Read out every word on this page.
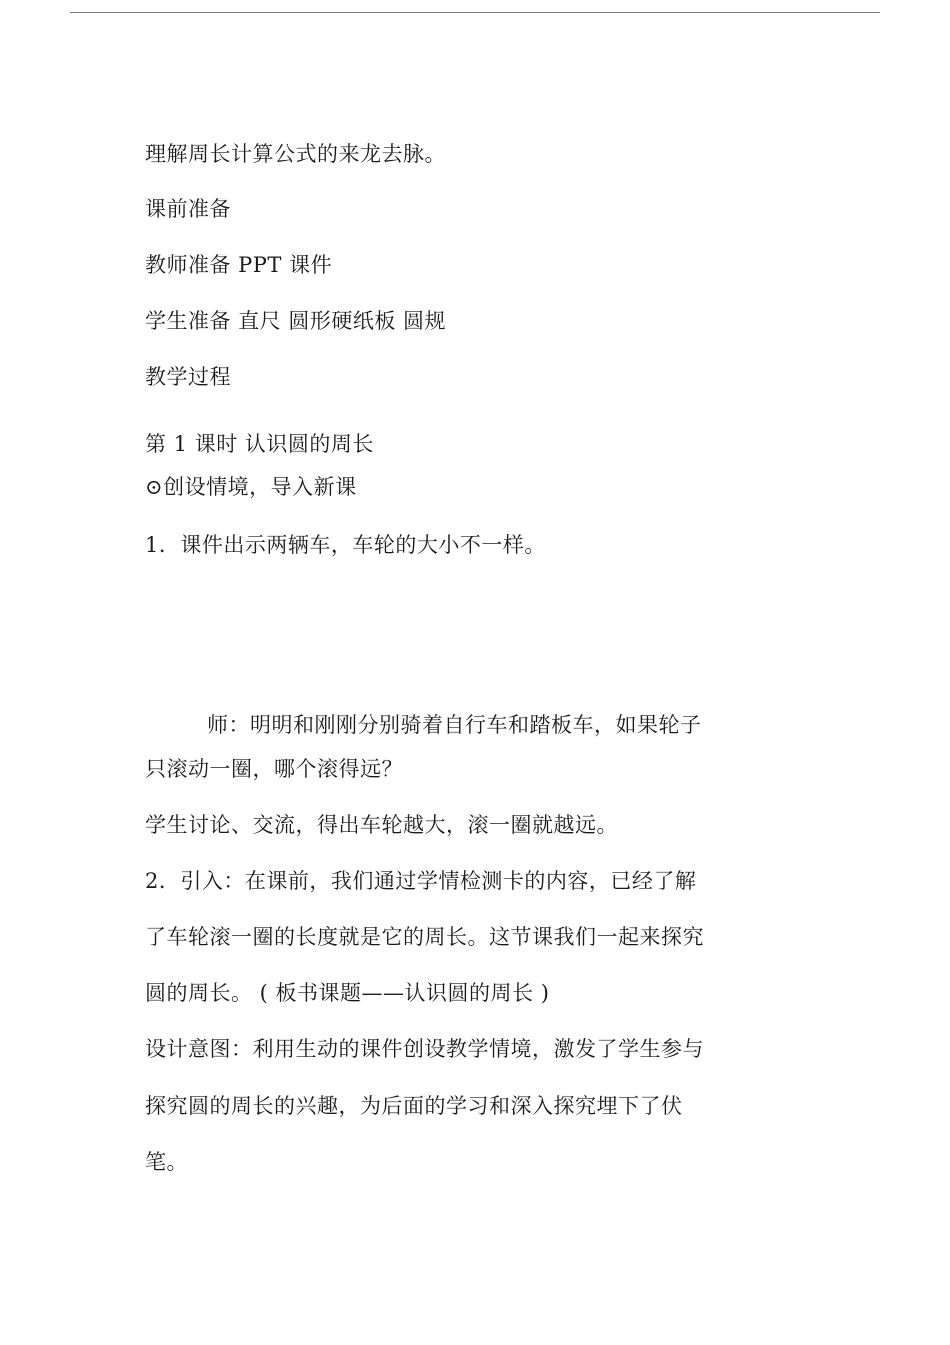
理解周长计算公式的来龙去脉。
课前准备
教师准备 PPT 课件
学生准备 直尺 圆形硬纸板 圆规
教学过程
第 1 课时 认识圆的周长
⊙创设情境，导入新课
1．课件出示两辆车，车轮的大小不一样。
师：明明和刚刚分别骑着自行车和踏板车，如果轮子
只滚动一圈，哪个滚得远？
学生讨论、交流，得出车轮越大，滚一圈就越远。
2．引入：在课前，我们通过学情检测卡的内容，已经了解
了车轮滚一圈的长度就是它的周长。这节课我们一起来探究
圆的周长。 ( 板书课题——认识圆的周长 )
设计意图：利用生动的课件创设教学情境，激发了学生参与
探究圆的周长的兴趣，为后面的学习和深入探究埋下了伏
笔。
